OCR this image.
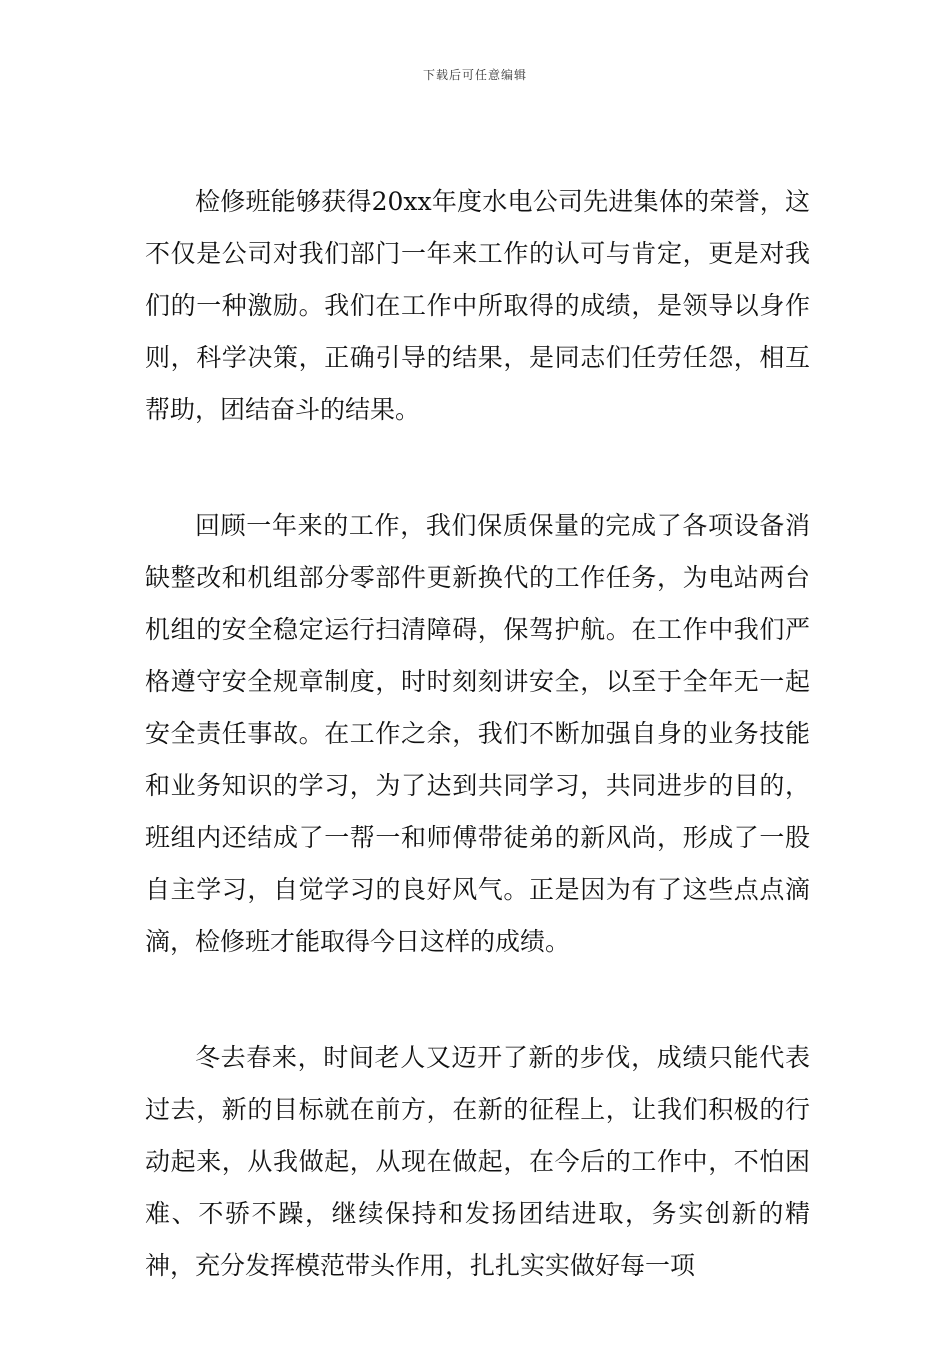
下载后可任意编辑

检修班能够获得20xx年度水电公司先进集体的荣誉，这不仅是公司对我们部门一年来工作的认可与肯定，更是对我们的一种激励。我们在工作中所取得的成绩，是领导以身作则，科学决策，正确引导的结果，是同志们任劳任怨，相互帮助，团结奋斗的结果。

回顾一年来的工作，我们保质保量的完成了各项设备消缺整改和机组部分零部件更新换代的工作任务，为电站两台机组的安全稳定运行扫清障碍，保驾护航。在工作中我们严格遵守安全规章制度，时时刻刻讲安全，以至于全年无一起安全责任事故。在工作之余，我们不断加强自身的业务技能和业务知识的学习，为了达到共同学习，共同进步的目的，班组内还结成了一帮一和师傅带徒弟的新风尚，形成了一股自主学习，自觉学习的良好风气。正是因为有了这些点点滴滴，检修班才能取得今日这样的成绩。

冬去春来，时间老人又迈开了新的步伐，成绩只能代表过去，新的目标就在前方，在新的征程上，让我们积极的行动起来，从我做起，从现在做起，在今后的工作中，不怕困难、不骄不躁，继续保持和发扬团结进取，务实创新的精神，充分发挥模范带头作用，扎扎实实做好每一项
